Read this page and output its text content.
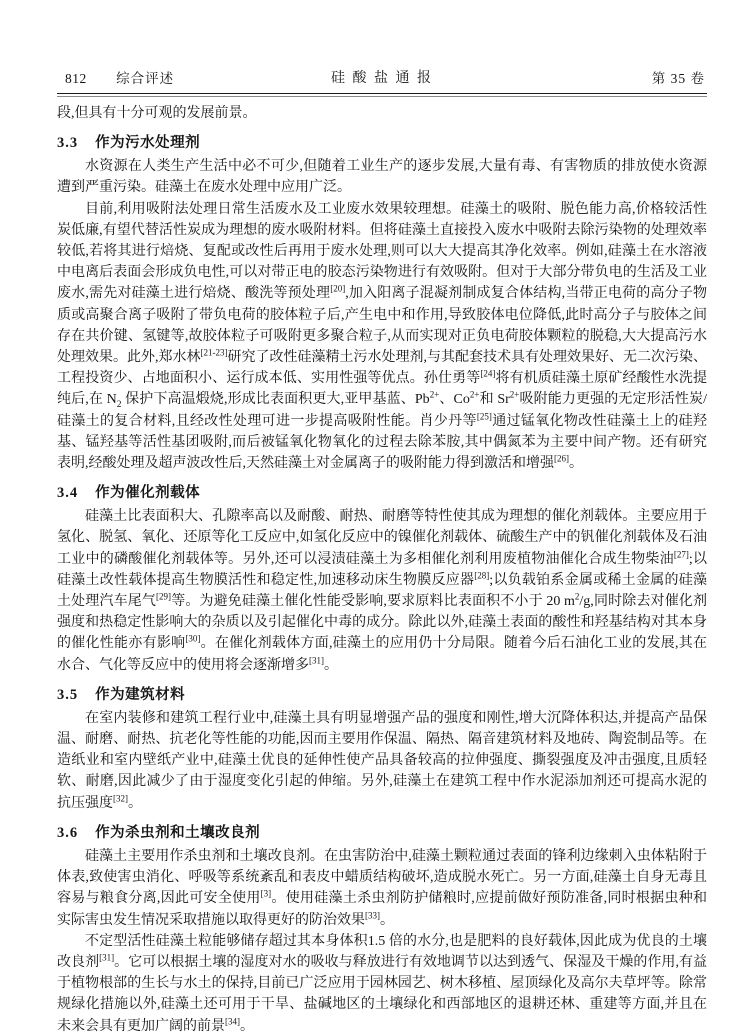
812 综合评述	硅 酸 盐 通 报	第 35 卷

段,但具有十分可观的发展前景。

3.3 作为污水处理剂

水资源在人类生产生活中必不可少,但随着工业生产的逐步发展,大量有毒、有害物质的排放使水资源遭到严重污染。硅藻土在废水处理中应用广泛。

目前,利用吸附法处理日常生活废水及工业废水效果较理想。硅藻土的吸附、脱色能力高,价格较活性炭低廉,有望代替活性炭成为理想的废水吸附材料。但将硅藻土直接投入废水中吸附去除污染物的处理效率较低,若将其进行焙烧、复配或改性后再用于废水处理,则可以大大提高其净化效率。例如,硅藻土在水溶液中电离后表面会形成负电性,可以对带正电的胶态污染物进行有效吸附。但对于大部分带负电的生活及工业废水,需先对硅藻土进行焙烧、酸洗等预处理[20],加入阳离子混凝剂制成复合体结构,当带正电荷的高分子物质或高聚合离子吸附了带负电荷的胶体粒子后,产生电中和作用,导致胶体电位降低,此时高分子与胶体之间存在共价键、氢键等,故胶体粒子可吸附更多聚合粒子,从而实现对正负电荷胶体颗粒的脱稳,大大提高污水处理效果。此外,郑水林[21-23]研究了改性硅藻精土污水处理剂,与其配套技术具有处理效果好、无二次污染、工程投资少、占地面积小、运行成本低、实用性强等优点。孙仕勇等[24]将有机质硅藻土原矿经酸性水洗提纯后,在 $N_2$ 保护下高温煅烧,形成比表面积更大,亚甲基蓝、$Pb^{2+}$、$Co^{2+}$和 $Sr^{2+}$吸附能力更强的无定形活性炭/硅藻土的复合材料,且经改性处理可进一步提高吸附性能。肖少丹等[25]通过锰氧化物改性硅藻土上的硅羟基、锰羟基等活性基团吸附,而后被锰氧化物氧化的过程去除苯胺,其中偶氮苯为主要中间产物。还有研究表明,经酸处理及超声波改性后,天然硅藻土对金属离子的吸附能力得到激活和增强[26]。

3.4 作为催化剂载体

硅藻土比表面积大、孔隙率高以及耐酸、耐热、耐磨等特性使其成为理想的催化剂载体。主要应用于氢化、脱氢、氧化、还原等化工反应中,如氢化反应中的镍催化剂载体、硫酸生产中的钒催化剂载体及石油工业中的磷酸催化剂载体等。另外,还可以浸渍硅藻土为多相催化剂利用废植物油催化合成生物柴油[27];以硅藻土改性载体提高生物膜活性和稳定性,加速移动床生物膜反应器[28];以负载铂系金属或稀土金属的硅藻土处理汽车尾气[29]等。为避免硅藻土催化性能受影响,要求原料比表面积不小于 20 $m^2/g$,同时除去对催化剂强度和热稳定性影响大的杂质以及引起催化中毒的成分。除此以外,硅藻土表面的酸性和羟基结构对其本身的催化性能亦有影响[30]。在催化剂载体方面,硅藻土的应用仍十分局限。随着今后石油化工业的发展,其在水合、气化等反应中的使用将会逐渐增多[31]。

3.5 作为建筑材料

在室内装修和建筑工程行业中,硅藻土具有明显增强产品的强度和刚性,增大沉降体积达,并提高产品保温、耐磨、耐热、抗老化等性能的功能,因而主要用作保温、隔热、隔音建筑材料及地砖、陶瓷制品等。在造纸业和室内壁纸产业中,硅藻土优良的延伸性使产品具备较高的拉伸强度、撕裂强度及冲击强度,且质轻软、耐磨,因此减少了由于湿度变化引起的伸缩。另外,硅藻土在建筑工程中作水泥添加剂还可提高水泥的抗压强度[32]。

3.6 作为杀虫剂和土壤改良剂

硅藻土主要用作杀虫剂和土壤改良剂。在虫害防治中,硅藻土颗粒通过表面的锋利边缘刺入虫体粘附于体表,致使害虫消化、呼吸等系统紊乱和表皮中蜡质结构破坏,造成脱水死亡。另一方面,硅藻土自身无毒且容易与粮食分离,因此可安全使用[3]。使用硅藻土杀虫剂防护储粮时,应提前做好预防准备,同时根据虫种和实际害虫发生情况采取措施以取得更好的防治效果[33]。

不定型活性硅藻土粒能够储存超过其本身体积1.5 倍的水分,也是肥料的良好载体,因此成为优良的土壤改良剂[31]。它可以根据土壤的湿度对水的吸收与释放进行有效地调节以达到透气、保湿及干燥的作用,有益于植物根部的生长与水土的保持,目前已广泛应用于园林园艺、树木移植、屋顶绿化及高尔夫草坪等。除常规绿化措施以外,硅藻土还可用于干旱、盐碱地区的土壤绿化和西部地区的退耕还林、重建等方面,并且在未来会具有更加广阔的前景[34]。
